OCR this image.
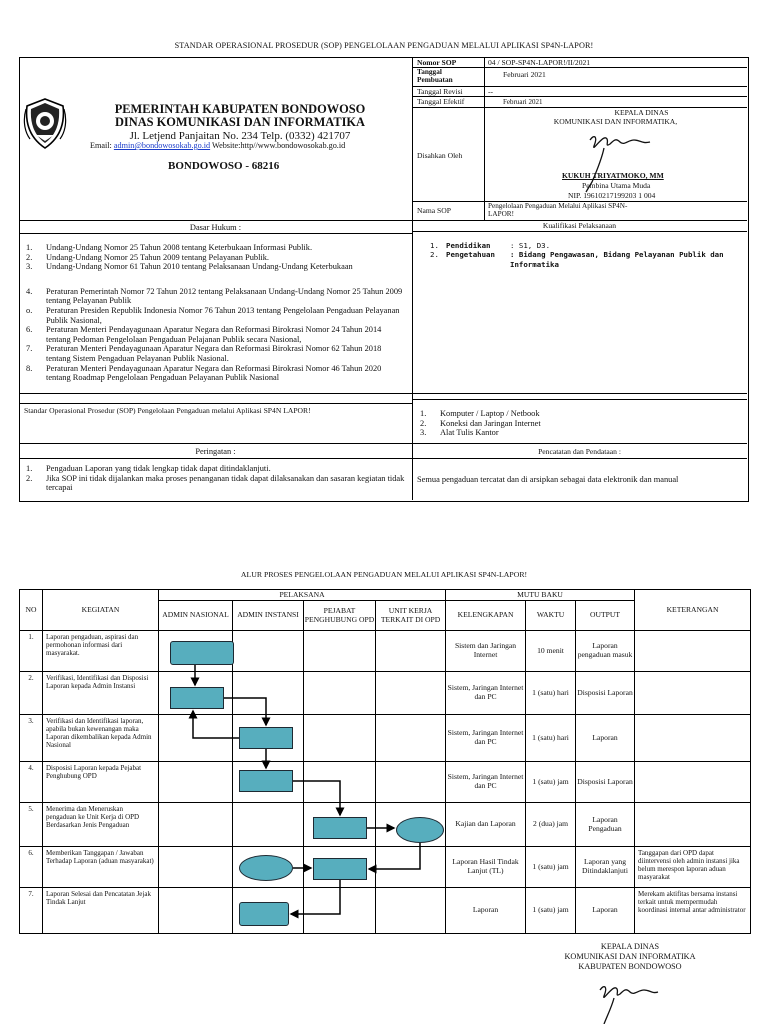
STANDAR OPERASIONAL PROSEDUR (SOP) PENGELOLAAN PENGADUAN MELALUI APLIKASI SP4N-LAPOR!
PEMERINTAH KABUPATEN BONDOWOSO
DINAS KOMUNIKASI DAN INFORMATIKA
Jl. Letjend Panjaitan No. 234 Telp. (0332) 421707
Email: admin@bondowosokab.go.id Website:http//www.bondowosokab.go.id
BONDOWOSO - 68216
Nomor SOP	04 / SOP-SP4N-LAPOR!/II/2021
Tanggal Pembuatan
Februari 2021
Tanggal Revisi	--
Tanggal Efektif	Februari 2021
Disahkan Oleh
KEPALA DINAS
KOMUNIKASI DAN INFORMATIKA,
KUKUH TRIYATMOKO, MM
Pembina Utama Muda
NIP. 19610217199203 1 004
Nama SOP	Pengelolaan Pengaduan Melalui Aplikasi SP4N-LAPOR!
Dasar Hukum :
1. Undang-Undang Nomor 25 Tahun 2008 tentang Keterbukaan Informasi Publik.
2. Undang-Undang Nomor 25 Tahun 2009 tentang Pelayanan Publik.
3. Undang-Undang Nomor 61 Tahun 2010 tentang Pelaksanaan Undang-Undang Keterbukaan
4. Peraturan Pemerintah Nomor 72 Tahun 2012 tentang Pelaksanaan Undang-Undang Nomor 25 Tahun 2009 tentang Pelayanan Publik
o. Peraturan Presiden Republik Indonesia Nomor 76 Tahun 2013 tentang Pengelolaan Pengaduan Pelayanan Publik Nasional,
6. Peraturan Menteri Pendayagunaan Aparatur Negara dan Reformasi Birokrasi Nomor 24 Tahun 2014 tentang Pedoman Pengelolaan Pengaduan Pelajanan Publik secara Nasional,
7. Peraturan Menteri Pendayagunaan Aparatur Negara dan Reformasi Birokrasi Nomor 62 Tahun 2018 tentang Sistem Pengaduan Pelayanan Publik Nasional.
8. Peraturan Menteri Pendayagunaan Aparatur Negara dan Reformasi Birokrasi Nomor 46 Tahun 2020 tentang Roadmap Pengelolaan Pengaduan Pelayanan Publik Nasional
Kualifikasi Pelaksanaan
1. Pendidikan	: S1, D3.
2. Pengetahuan	: Bidang Pengawasan, Bidang Pelayanan Publik dan Informatika
Standar Operasional Prosedur (SOP) Pengelolaan Pengaduan melalui Aplikasi SP4N LAPOR!	1. Komputer / Laptop / Netbook
2. Koneksi dan Jaringan Internet
3. Alat Tulis Kantor
Peringatan :	Pencatatan dan Pendataan :
1. Pengaduan Laporan yang tidak lengkap tidak dapat ditindaklanjuti.
2. Jika SOP ini tidak dijalankan maka proses penanganan tidak dapat dilaksanakan dan sasaran kegiatan tidak tercapai
Semua pengaduan tercatat dan di arsipkan sebagai data elektronik dan manual
ALUR PROSES PENGELOLAAN PENGADUAN MELALUI APLIKASI SP4N-LAPOR!
NO	KEGIATAN	PELAKSANA				MUTU BAKU			KETERANGAN
		ADMIN NASIONAL	ADMIN INSTANSI	PEJABAT PENGHUBUNG OPD	UNIT KERJA TERKAIT DI OPD	KELENGKAPAN	WAKTU	OUTPUT	
1.	Laporan pengaduan, aspirasi dan permohonan informasi dari masyarakat.					Sistem dan Jaringan Internet	10 menit	Laporan pengaduan masuk	
2.	Verifikasi, Identifikasi dan Disposisi Laporan kepada Admin Instansi					Sistem, Jaringan Internet dan PC	1 (satu) hari	Disposisi Laporan	
3.	Verifikasi dan Identifikasi laporan, apabila bukan kewenangan maka Laporan dikembalikan kepada Admin Nasional					Sistem, Jaringan Internet dan PC	1 (satu) hari	Laporan	
4.	Disposisi Laporan kepada Pejabat Penghubung OPD					Sistem, Jaringan Internet dan PC	1 (satu) jam	Disposisi Laporan	
5.	Menerima dan Meneruskan pengaduan ke Unit Kerja di OPD Berdasarkan Jenis Pengaduan					Kajian dan Laporan	2 (dua) jam	Laporan Pengaduan	
6.	Memberikan Tanggapan / Jawaban Terhadap Laporan (aduan masyarakat)					Laporan Hasil Tindak Lanjut (TL)	1 (satu) jam	Laporan yang Ditindaklanjuti	Tanggapan dari OPD dapat diintervensi oleh admin instansi jika belum merespon laporan aduan masyarakat
7.	Laporan Selesai dan Pencatatan Jejak Tindak Lanjut					Laporan	1 (satu) jam	Laporan	Merekam aktifitas bersama instansi terkait untuk mempermudah koordinasi internal antar administrator
KEPALA DINAS
KOMUNIKASI DAN INFORMATIKA
KABUPATEN BONDOWOSO
